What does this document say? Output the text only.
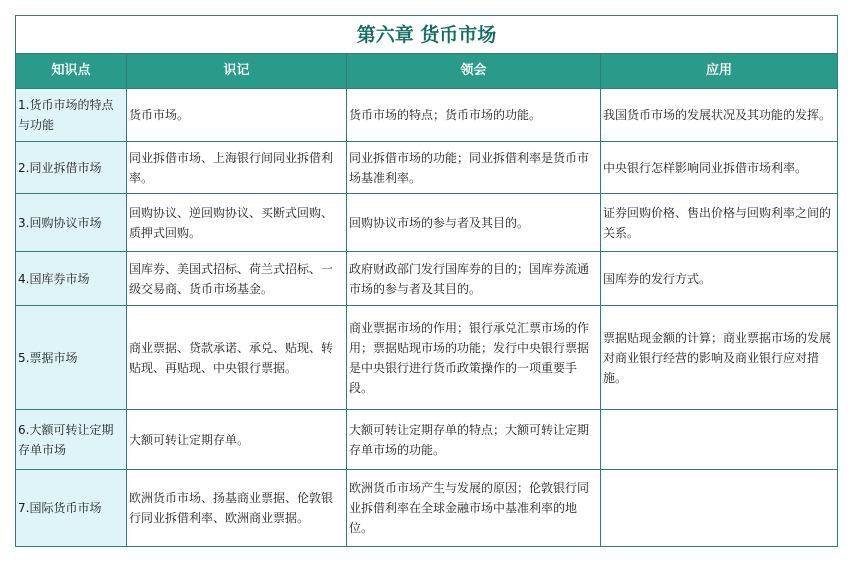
第六章 货币市场			
知识点	识记	领会	应用
1.货币市场的特点与功能	货币市场。	货币市场的特点；货币市场的功能。	我国货币市场的发展状况及其功能的发挥。
2.同业拆借市场	同业拆借市场、上海银行间同业拆借利率。	同业拆借市场的功能；同业拆借利率是货币市场基准利率。	中央银行怎样影响同业拆借市场利率。
3.回购协议市场	回购协议、逆回购协议、买断式回购、质押式回购。	回购协议市场的参与者及其目的。	证券回购价格、售出价格与回购利率之间的关系。
4.国库券市场	国库券、美国式招标、荷兰式招标、一级交易商、货币市场基金。	政府财政部门发行国库券的目的；国库券流通市场的参与者及其目的。	国库券的发行方式。
5.票据市场	商业票据、贷款承诺、承兑、贴现、转贴现、再贴现、中央银行票据。	商业票据市场的作用；银行承兑汇票市场的作用；票据贴现市场的功能；发行中央银行票据是中央银行进行货币政策操作的一项重要手段。	票据贴现金额的计算；商业票据市场的发展对商业银行经营的影响及商业银行应对措施。
6.大额可转让定期存单市场	大额可转让定期存单。	大额可转让定期存单的特点；大额可转让定期存单市场的功能。	
7.国际货币市场	欧洲货币市场、扬基商业票据、伦敦银行同业拆借利率、欧洲商业票据。	欧洲货币市场产生与发展的原因；伦敦银行同业拆借利率在全球金融市场中基准利率的地位。	
